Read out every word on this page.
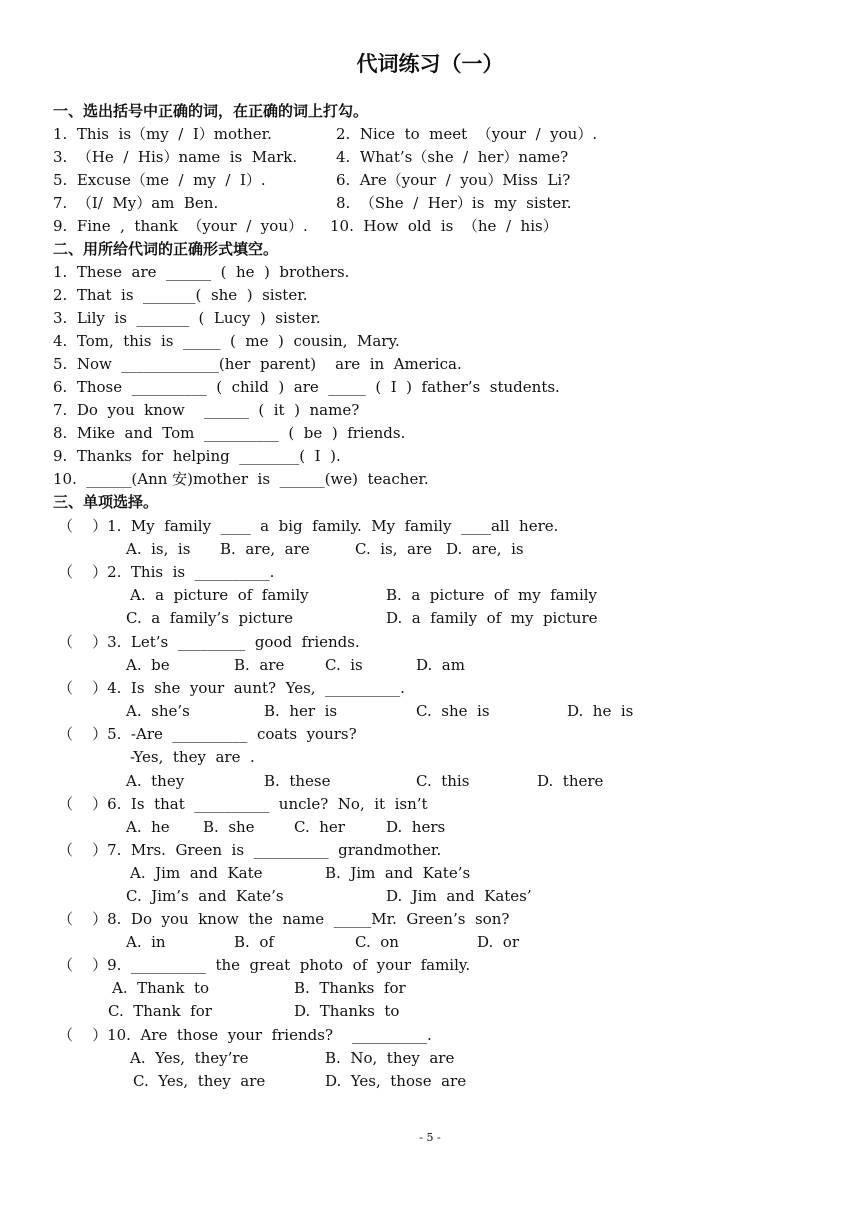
代词练习（一）
一、选出括号中正确的词，在正确的词上打勾。
1.  This  is（my  /  I）mother.	2.  Nice  to  meet  （your  /  you）.
3.  （He  /  His）name  is  Mark.	4.  What’s（she  /  her）name?
5.  Excuse（me  /  my  /  I）.	6.  Are（your  /  you）Miss  Li?
7.  （I/  My）am  Ben.	8.  （She  /  Her）is  my  sister.
9.  Fine  ,  thank  （your  /  you）. 10.  How  old  is  （he  /  his）
二、用所给代词的正确形式填空。
1.  These  are  ______  (  he  )  brothers.
2.  That  is  _______(  she  )  sister.
3.  Lily  is  _______  (  Lucy  )  sister.
4.  Tom,  this  is  _____  (  me  )  cousin,  Mary.
5.  Now  _____________(her  parent)    are  in  America.
6.  Those  __________  (  child  )  are  _____  (  I  )  father’s  students.
7.  Do  you  know    ______  (  it  )  name?
8.  Mike  and  Tom  __________  (  be  )  friends.
9.  Thanks  for  helping  ________(  I  ).
10.  ______(Ann 安)mother  is  ______(we)  teacher.
三、单项选择。
（    ）1.  My  family  ____  a  big  family.  My  family  ____all  here.
A.  is,  is B.  are,  are	C.  is,  are D.  are,  is
（    ）2.  This  is  __________.
A.  a  picture  of  family	B.  a  picture  of  my  family
C.  a  family’s  picture	D.  a  family  of  my  picture
（    ）3.  Let’s  _________  good  friends.
A.  be	B.  are	C.  is	D.  am
（    ）4.  Is  she  your  aunt?  Yes,  __________.
A.  she’s	B.  her  is	C.  she  is	D.  he  is
（    ）5.  -Are  __________  coats  yours?
-Yes,  they  are  .
A.  they	B.  these	C.  this	D.  there
（    ）6.  Is  that  __________  uncle?  No,  it  isn’t
A.  he B.  she	C.  her	D.  hers
（    ）7.  Mrs.  Green  is  __________  grandmother.
A.  Jim  and  Kate	B.  Jim  and  Kate’s
C.  Jim’s  and  Kate’s	D.  Jim  and  Kates’
（    ）8.  Do  you  know  the  name  _____Mr.  Green’s  son?
A.  in	B.  of	C.  on	D.  or
（    ）9.  __________  the  great  photo  of  your  family.
A.  Thank  to	B.  Thanks  for
C.  Thank  for	D.  Thanks  to
（    ）10.  Are  those  your  friends?    __________.
A.  Yes,  they’re	B.  No,  they  are
C.  Yes,  they  are	D.  Yes,  those  are
- 5 -
